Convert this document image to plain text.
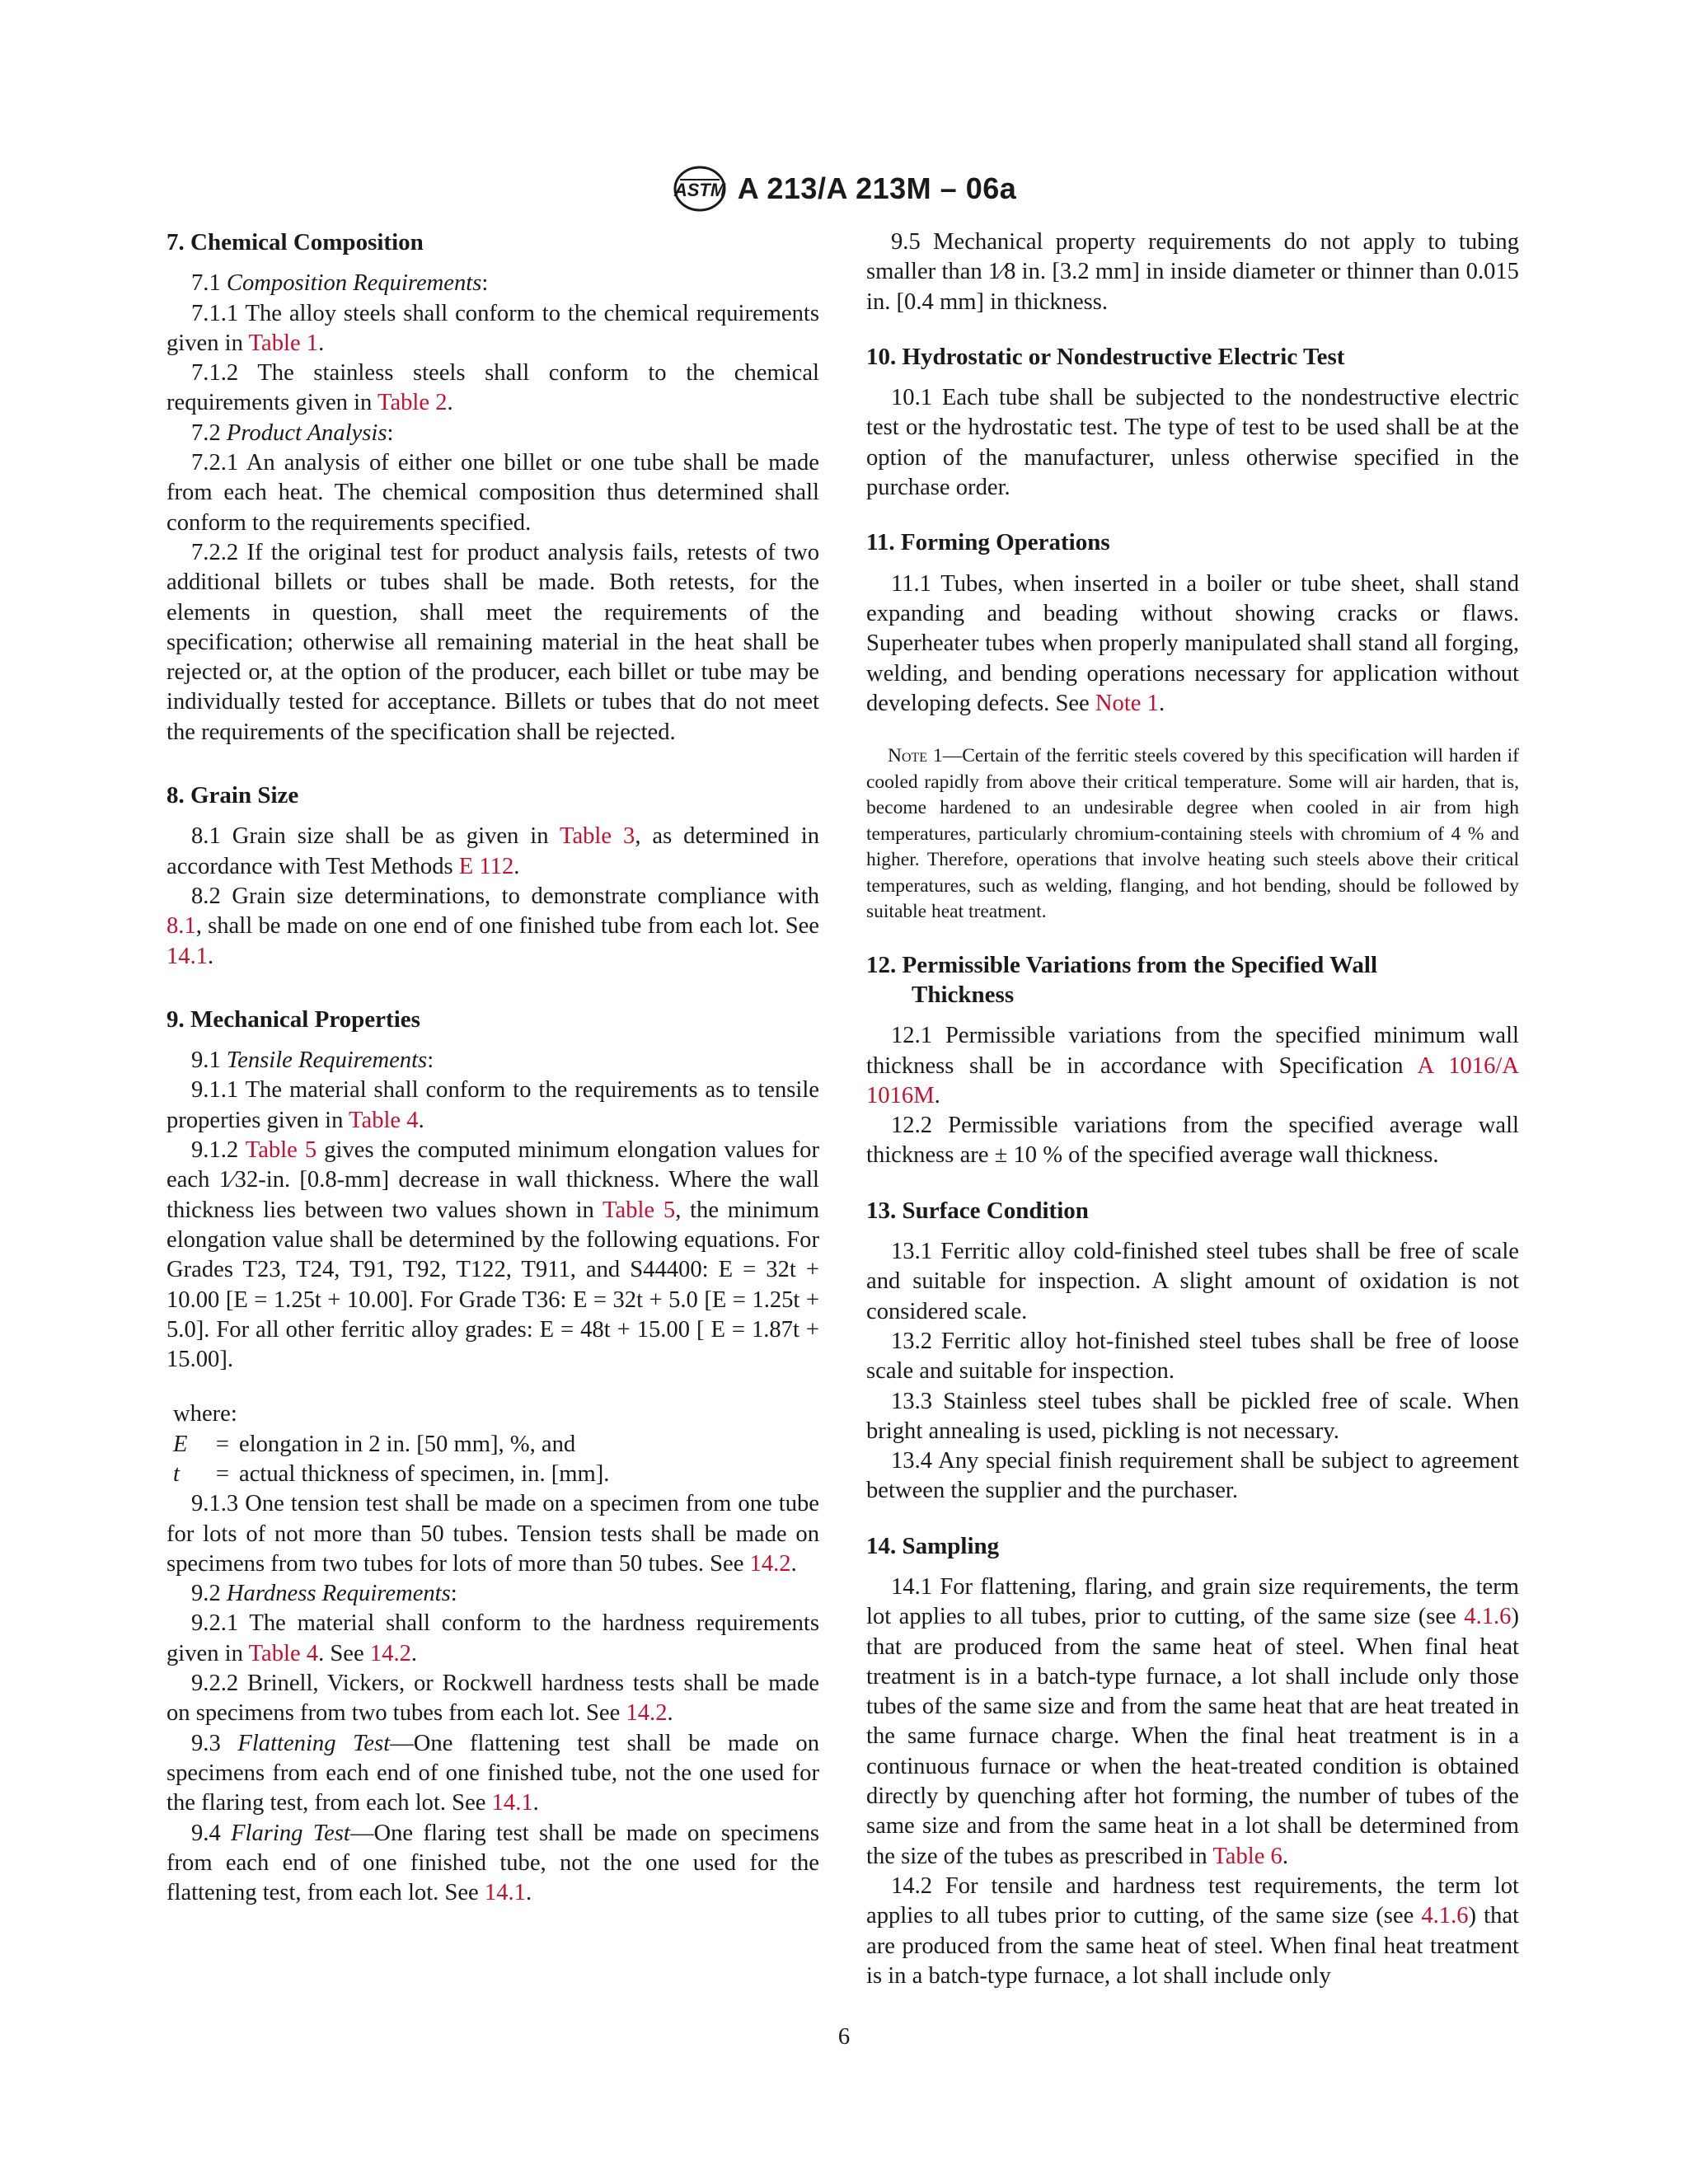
ASTM A 213/A 213M – 06a

7. Chemical Composition

7.1 Composition Requirements:

7.1.1 The alloy steels shall conform to the chemical requirements given in Table 1.

7.1.2 The stainless steels shall conform to the chemical requirements given in Table 2.

7.2 Product Analysis:

7.2.1 An analysis of either one billet or one tube shall be made from each heat. The chemical composition thus determined shall conform to the requirements specified.

7.2.2 If the original test for product analysis fails, retests of two additional billets or tubes shall be made. Both retests, for the elements in question, shall meet the requirements of the specification; otherwise all remaining material in the heat shall be rejected or, at the option of the producer, each billet or tube may be individually tested for acceptance. Billets or tubes that do not meet the requirements of the specification shall be rejected.

8. Grain Size

8.1 Grain size shall be as given in Table 3, as determined in accordance with Test Methods E 112.

8.2 Grain size determinations, to demonstrate compliance with 8.1, shall be made on one end of one finished tube from each lot. See 14.1.

9. Mechanical Properties

9.1 Tensile Requirements:

9.1.1 The material shall conform to the requirements as to tensile properties given in Table 4.

9.1.2 Table 5 gives the computed minimum elongation values for each 1⁄32-in. [0.8-mm] decrease in wall thickness. Where the wall thickness lies between two values shown in Table 5, the minimum elongation value shall be determined by the following equations. For Grades T23, T24, T91, T92, T122, T911, and S44400: E = 32t + 10.00 [E = 1.25t + 10.00]. For Grade T36: E = 32t + 5.0 [E = 1.25t + 5.0]. For all other ferritic alloy grades: E = 48t + 15.00 [ E = 1.87t + 15.00].

where:
E	= elongation in 2 in. [50 mm], %, and
t	= actual thickness of specimen, in. [mm].

9.1.3 One tension test shall be made on a specimen from one tube for lots of not more than 50 tubes. Tension tests shall be made on specimens from two tubes for lots of more than 50 tubes. See 14.2.

9.2 Hardness Requirements:

9.2.1 The material shall conform to the hardness requirements given in Table 4. See 14.2.

9.2.2 Brinell, Vickers, or Rockwell hardness tests shall be made on specimens from two tubes from each lot. See 14.2.

9.3 Flattening Test—One flattening test shall be made on specimens from each end of one finished tube, not the one used for the flaring test, from each lot. See 14.1.

9.4 Flaring Test—One flaring test shall be made on specimens from each end of one finished tube, not the one used for the flattening test, from each lot. See 14.1.

9.5 Mechanical property requirements do not apply to tubing smaller than 1⁄8 in. [3.2 mm] in inside diameter or thinner than 0.015 in. [0.4 mm] in thickness.

10. Hydrostatic or Nondestructive Electric Test

10.1 Each tube shall be subjected to the nondestructive electric test or the hydrostatic test. The type of test to be used shall be at the option of the manufacturer, unless otherwise specified in the purchase order.

11. Forming Operations

11.1 Tubes, when inserted in a boiler or tube sheet, shall stand expanding and beading without showing cracks or flaws. Superheater tubes when properly manipulated shall stand all forging, welding, and bending operations necessary for application without developing defects. See Note 1.

Note 1—Certain of the ferritic steels covered by this specification will harden if cooled rapidly from above their critical temperature. Some will air harden, that is, become hardened to an undesirable degree when cooled in air from high temperatures, particularly chromium-containing steels with chromium of 4 % and higher. Therefore, operations that involve heating such steels above their critical temperatures, such as welding, flanging, and hot bending, should be followed by suitable heat treatment.

12. Permissible Variations from the Specified Wall
Thickness

12.1 Permissible variations from the specified minimum wall thickness shall be in accordance with Specification A 1016/A 1016M.

12.2 Permissible variations from the specified average wall thickness are ± 10 % of the specified average wall thickness.

13. Surface Condition

13.1 Ferritic alloy cold-finished steel tubes shall be free of scale and suitable for inspection. A slight amount of oxidation is not considered scale.

13.2 Ferritic alloy hot-finished steel tubes shall be free of loose scale and suitable for inspection.

13.3 Stainless steel tubes shall be pickled free of scale. When bright annealing is used, pickling is not necessary.

13.4 Any special finish requirement shall be subject to agreement between the supplier and the purchaser.

14. Sampling

14.1 For flattening, flaring, and grain size requirements, the term lot applies to all tubes, prior to cutting, of the same size (see 4.1.6) that are produced from the same heat of steel. When final heat treatment is in a batch-type furnace, a lot shall include only those tubes of the same size and from the same heat that are heat treated in the same furnace charge. When the final heat treatment is in a continuous furnace or when the heat-treated condition is obtained directly by quenching after hot forming, the number of tubes of the same size and from the same heat in a lot shall be determined from the size of the tubes as prescribed in Table 6.

14.2 For tensile and hardness test requirements, the term lot applies to all tubes prior to cutting, of the same size (see 4.1.6) that are produced from the same heat of steel. When final heat treatment is in a batch-type furnace, a lot shall include only

6
